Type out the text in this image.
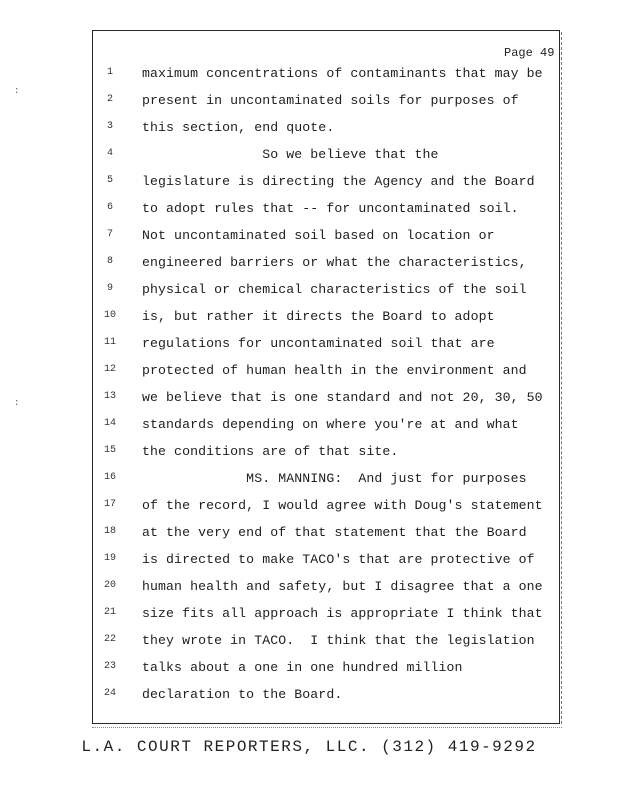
:
:
Page 49
1	maximum concentrations of contaminants that may be
2	present in uncontaminated soils for purposes of
3	this section, end quote.
4	So we believe that the
5	legislature is directing the Agency and the Board
6	to adopt rules that -- for uncontaminated soil.
7	Not uncontaminated soil based on location or
8	engineered barriers or what the characteristics,
9	physical or chemical characteristics of the soil
10	is, but rather it directs the Board to adopt
11	regulations for uncontaminated soil that are
12	protected of human health in the environment and
13	we believe that is one standard and not 20, 30, 50
14	standards depending on where you're at and what
15	the conditions are of that site.
16	MS. MANNING:  And just for purposes
17	of the record, I would agree with Doug's statement
18	at the very end of that statement that the Board
19	is directed to make TACO's that are protective of
20	human health and safety, but I disagree that a one
21	size fits all approach is appropriate I think that
22	they wrote in TACO.  I think that the legislation
23	talks about a one in one hundred million
24	declaration to the Board.
L.A. COURT REPORTERS, LLC. (312) 419-9292
